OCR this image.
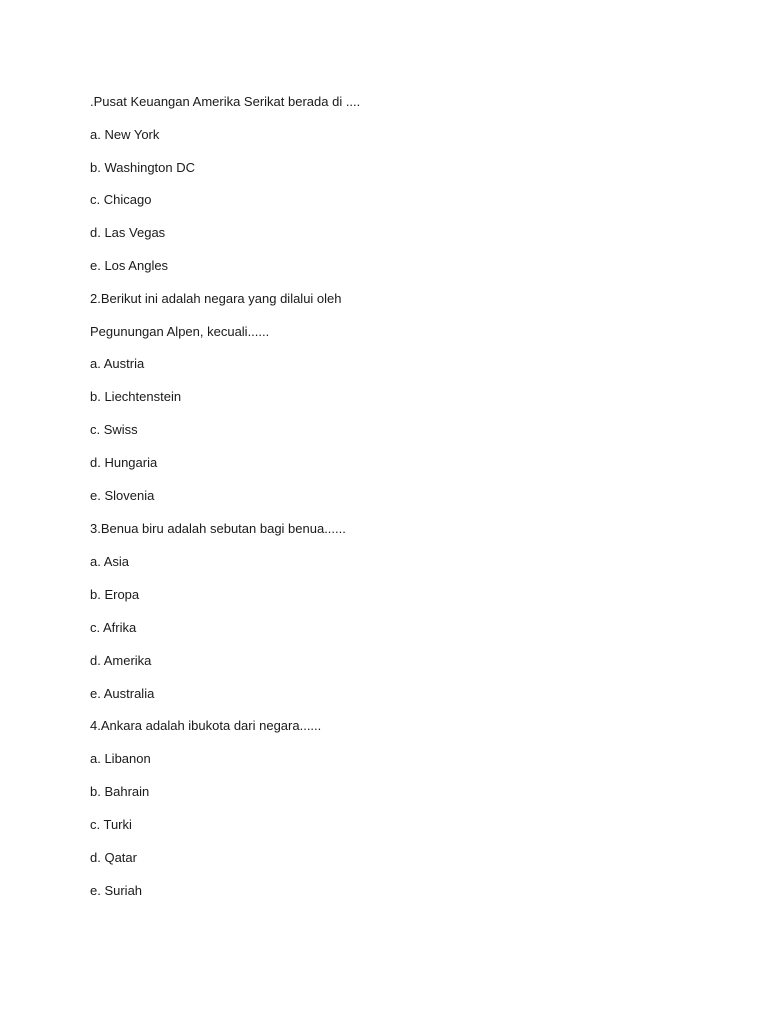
.Pusat Keuangan Amerika Serikat berada di ....

a. New York

b. Washington DC

c. Chicago

d. Las Vegas

e. Los Angles

2.Berikut ini adalah negara yang dilalui oleh

Pegunungan Alpen, kecuali......

a. Austria

b. Liechtenstein

c. Swiss

d. Hungaria

e. Slovenia

3.Benua biru adalah sebutan bagi benua......

a. Asia

b. Eropa

c. Afrika

d. Amerika

e. Australia

4.Ankara adalah ibukota dari negara......

a. Libanon

b. Bahrain

c. Turki

d. Qatar

e. Suriah
